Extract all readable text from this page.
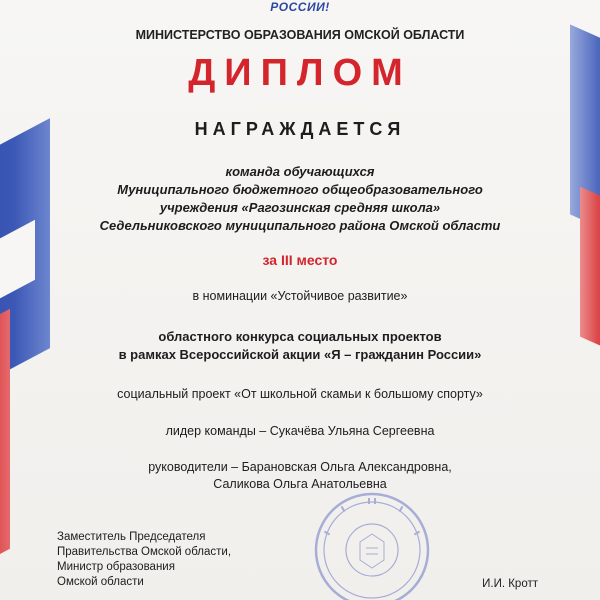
РОССИИ!
МИНИСТЕРСТВО ОБРАЗОВАНИЯ ОМСКОЙ ОБЛАСТИ
ДИПЛОМ
НАГРАЖДАЕТСЯ
команда обучающихся
Муниципального бюджетного общеобразовательного
учреждения «Рагозинская средняя школа»
Седельниковского муниципального района Омской области
за III место
в номинации «Устойчивое развитие»
областного конкурса социальных проектов
в рамках Всероссийской акции «Я – гражданин России»
социальный проект «От школьной скамьи к большому спорту»
лидер команды – Сукачёва Ульяна Сергеевна
руководители – Барановская Ольга Александровна,
Саликова Ольга Анатольевна
Заместитель Председателя
Правительства Омской области,
Министр образования
Омской области	И.И. Кротт
